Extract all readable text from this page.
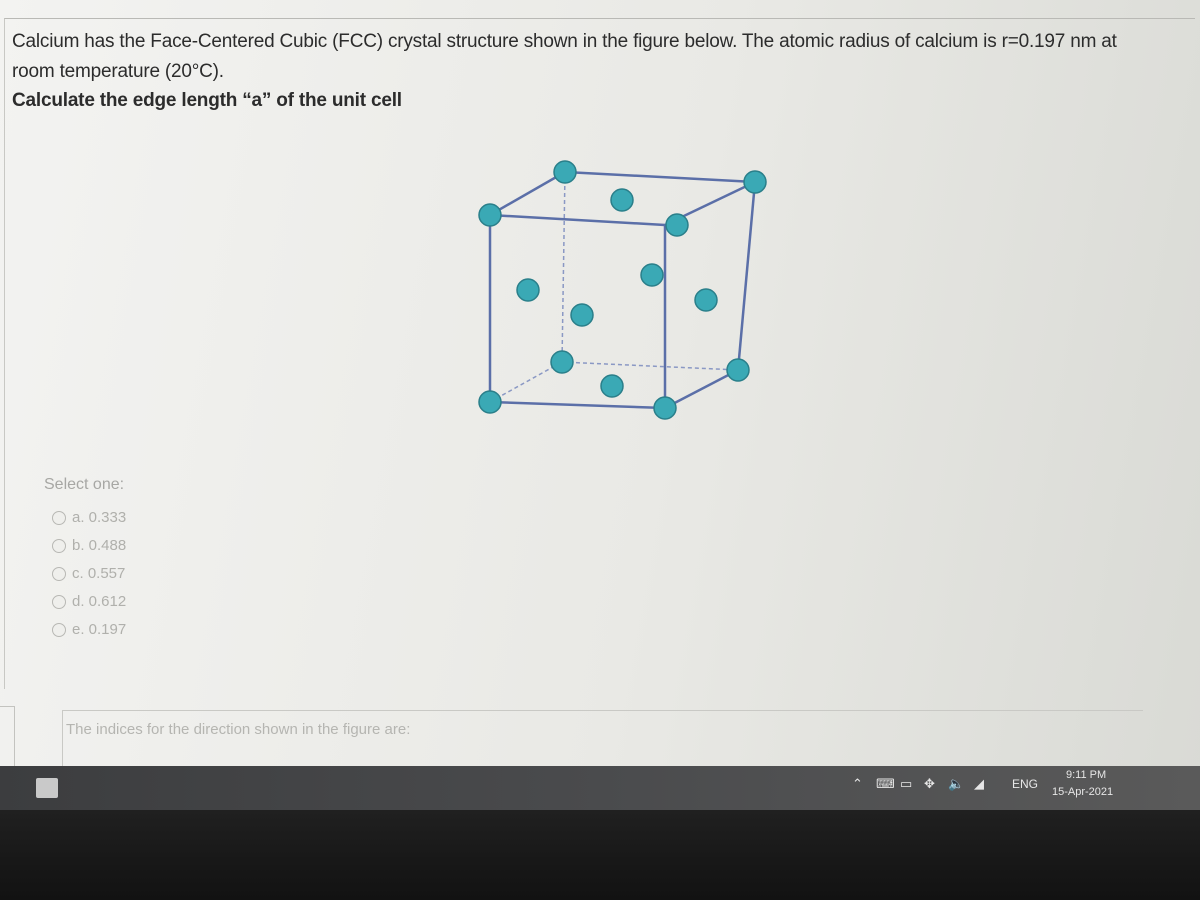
Calcium has the Face-Centered Cubic (FCC) crystal structure shown in the figure below. The atomic radius of calcium is r=0.197 nm at
room temperature (20°C).
Calculate the edge length “a” of the unit cell
Select one:
a. 0.333
b. 0.488
c. 0.557
d. 0.612
e. 0.197
The indices for the direction shown in the figure are:
⌃ ⌨ ▭ ✥ 🔈 ◢ ENG
9:11 PM
15-Apr-2021
